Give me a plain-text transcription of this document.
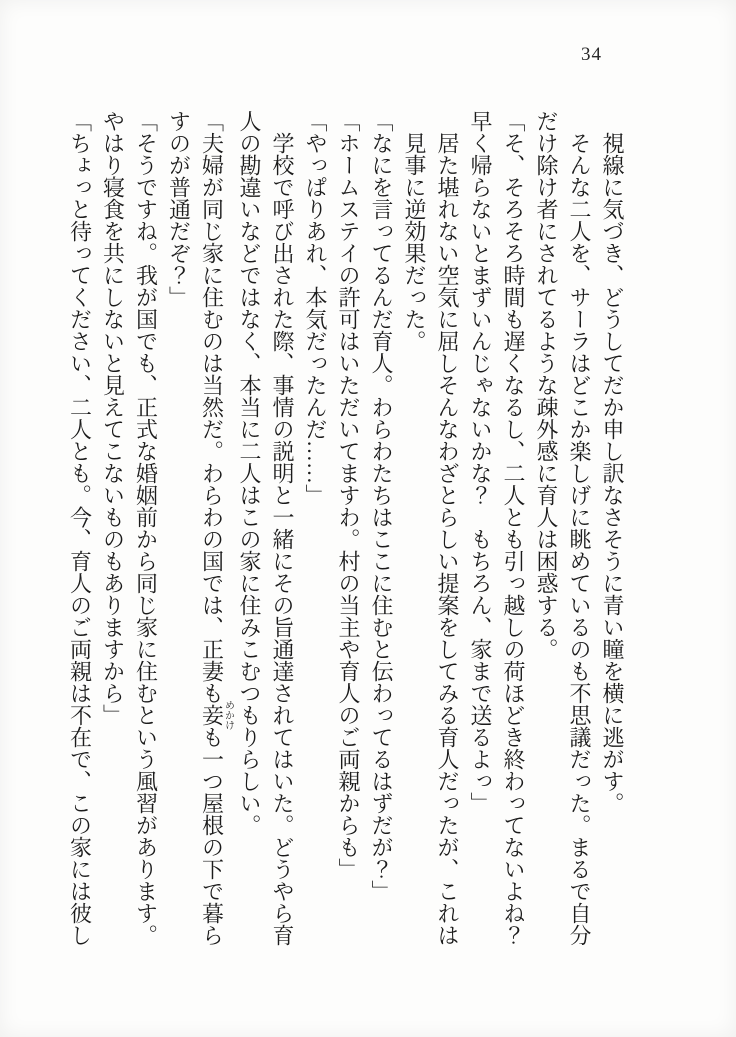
34

視線に気づき、どうしてだか申し訳なさそうに青い瞳を横に逃がす。

そんな二人を、サーラはどこか楽しげに眺めているのも不思議だった。まるで自分

だけ除け者にされてるような疎外感に育人は困惑する。

「そ、そろそろ時間も遅くなるし、二人とも引っ越しの荷ほどき終わってないよね？

早く帰らないとまずいんじゃないかな？　もちろん、家まで送るよっ」

居た堪れない空気に屈しそんなわざとらしい提案をしてみる育人だったが、これは

見事に逆効果だった。

「なにを言ってるんだ育人。わらわたちはここに住むと伝わってるはずだが？」

「ホームステイの許可はいただいてますわ。村の当主や育人のご両親からも」

「やっぱりあれ、本気だったんだ……」

学校で呼び出された際、事情の説明と一緒にその旨通達されてはいた。どうやら育

人の勘違いなどではなく、本当に二人はこの家に住みこむつもりらしい。

「夫婦が同じ家に住むのは当然だ。わらわの国では、正妻も妾めかけも一つ屋根の下で暮ら

すのが普通だぞ？」

「そうですね。我が国でも、正式な婚姻前から同じ家に住むという風習があります。

やはり寝食を共にしないと見えてこないものもありますから」

「ちょっと待ってください、二人とも。今、育人のご両親は不在で、この家には彼し
